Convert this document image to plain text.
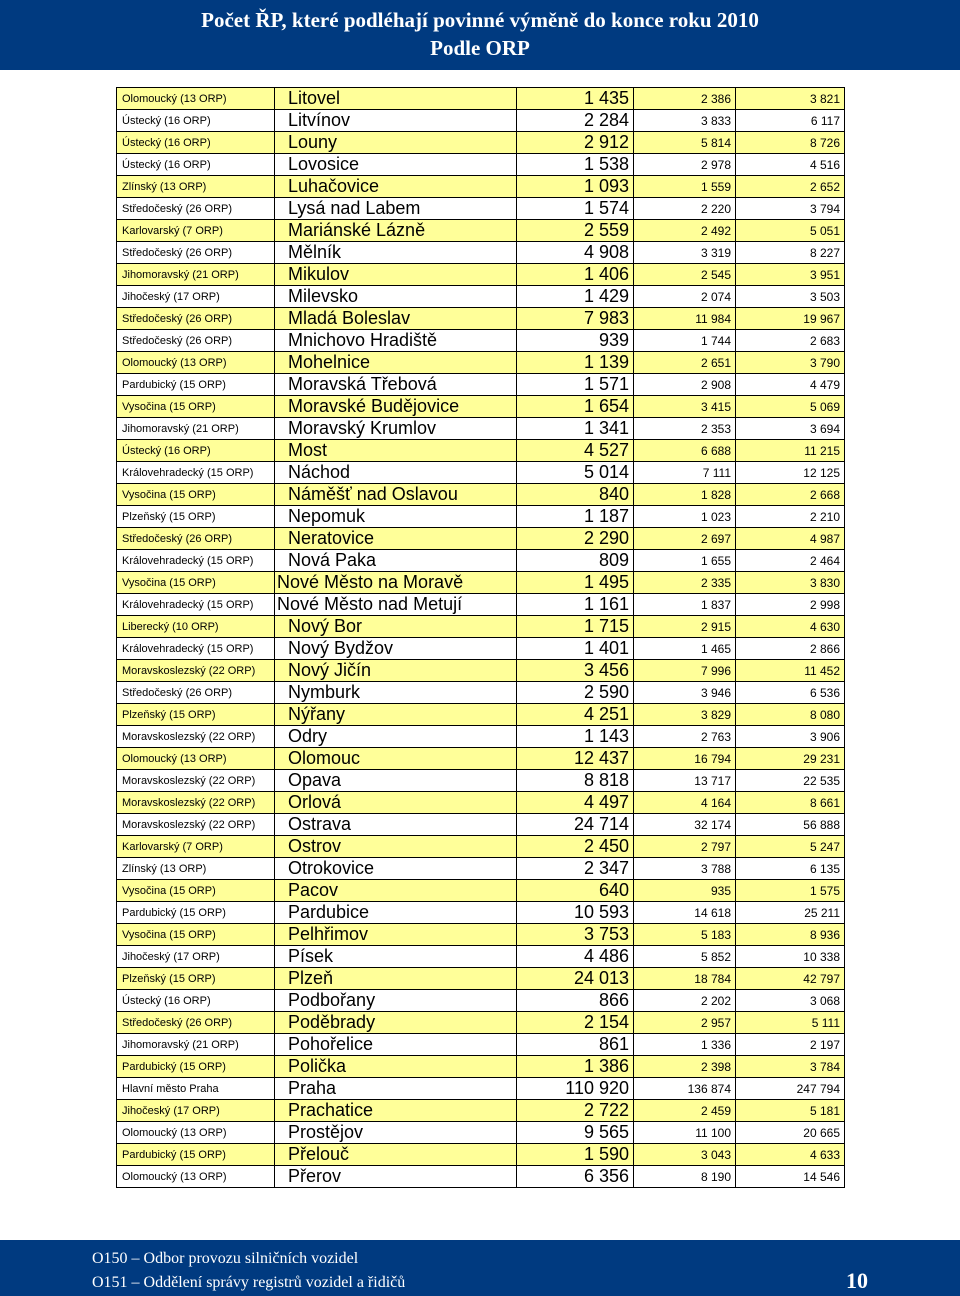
Počet ŘP, které podléhají povinné výměně do konce roku 2010
Podle ORP
Olomoucký (13 ORP)	Litovel	1 435	2 386	3 821
Ústecký (16 ORP)	Litvínov	2 284	3 833	6 117
Ústecký (16 ORP)	Louny	2 912	5 814	8 726
Ústecký (16 ORP)	Lovosice	1 538	2 978	4 516
Zlínský (13 ORP)	Luhačovice	1 093	1 559	2 652
Středočeský (26 ORP)	Lysá nad Labem	1 574	2 220	3 794
Karlovarský (7 ORP)	Mariánské Lázně	2 559	2 492	5 051
Středočeský (26 ORP)	Mělník	4 908	3 319	8 227
Jihomoravský (21 ORP)	Mikulov	1 406	2 545	3 951
Jihočeský (17 ORP)	Milevsko	1 429	2 074	3 503
Středočeský (26 ORP)	Mladá Boleslav	7 983	11 984	19 967
Středočeský (26 ORP)	Mnichovo Hradiště	939	1 744	2 683
Olomoucký (13 ORP)	Mohelnice	1 139	2 651	3 790
Pardubický (15 ORP)	Moravská Třebová	1 571	2 908	4 479
Vysočina (15 ORP)	Moravské Budějovice	1 654	3 415	5 069
Jihomoravský (21 ORP)	Moravský Krumlov	1 341	2 353	3 694
Ústecký (16 ORP)	Most	4 527	6 688	11 215
Královehradecký (15 ORP)	Náchod	5 014	7 111	12 125
Vysočina (15 ORP)	Náměšť nad Oslavou	840	1 828	2 668
Plzeňský (15 ORP)	Nepomuk	1 187	1 023	2 210
Středočeský (26 ORP)	Neratovice	2 290	2 697	4 987
Královehradecký (15 ORP)	Nová Paka	809	1 655	2 464
Vysočina (15 ORP)	Nové Město na Moravě	1 495	2 335	3 830
Královehradecký (15 ORP)	Nové Město nad Metují	1 161	1 837	2 998
Liberecký (10 ORP)	Nový Bor	1 715	2 915	4 630
Královehradecký (15 ORP)	Nový Bydžov	1 401	1 465	2 866
Moravskoslezský (22 ORP)	Nový Jičín	3 456	7 996	11 452
Středočeský (26 ORP)	Nymburk	2 590	3 946	6 536
Plzeňský (15 ORP)	Nýřany	4 251	3 829	8 080
Moravskoslezský (22 ORP)	Odry	1 143	2 763	3 906
Olomoucký (13 ORP)	Olomouc	12 437	16 794	29 231
Moravskoslezský (22 ORP)	Opava	8 818	13 717	22 535
Moravskoslezský (22 ORP)	Orlová	4 497	4 164	8 661
Moravskoslezský (22 ORP)	Ostrava	24 714	32 174	56 888
Karlovarský (7 ORP)	Ostrov	2 450	2 797	5 247
Zlínský (13 ORP)	Otrokovice	2 347	3 788	6 135
Vysočina (15 ORP)	Pacov	640	935	1 575
Pardubický (15 ORP)	Pardubice	10 593	14 618	25 211
Vysočina (15 ORP)	Pelhřimov	3 753	5 183	8 936
Jihočeský (17 ORP)	Písek	4 486	5 852	10 338
Plzeňský (15 ORP)	Plzeň	24 013	18 784	42 797
Ústecký (16 ORP)	Podbořany	866	2 202	3 068
Středočeský (26 ORP)	Poděbrady	2 154	2 957	5 111
Jihomoravský (21 ORP)	Pohořelice	861	1 336	2 197
Pardubický (15 ORP)	Polička	1 386	2 398	3 784
Hlavní město Praha	Praha	110 920	136 874	247 794
Jihočeský (17 ORP)	Prachatice	2 722	2 459	5 181
Olomoucký (13 ORP)	Prostějov	9 565	11 100	20 665
Pardubický (15 ORP)	Přelouč	1 590	3 043	4 633
Olomoucký (13 ORP)	Přerov	6 356	8 190	14 546
O150 – Odbor provozu silničních vozidel
O151 – Oddělení správy registrů vozidel a řidičů	10
